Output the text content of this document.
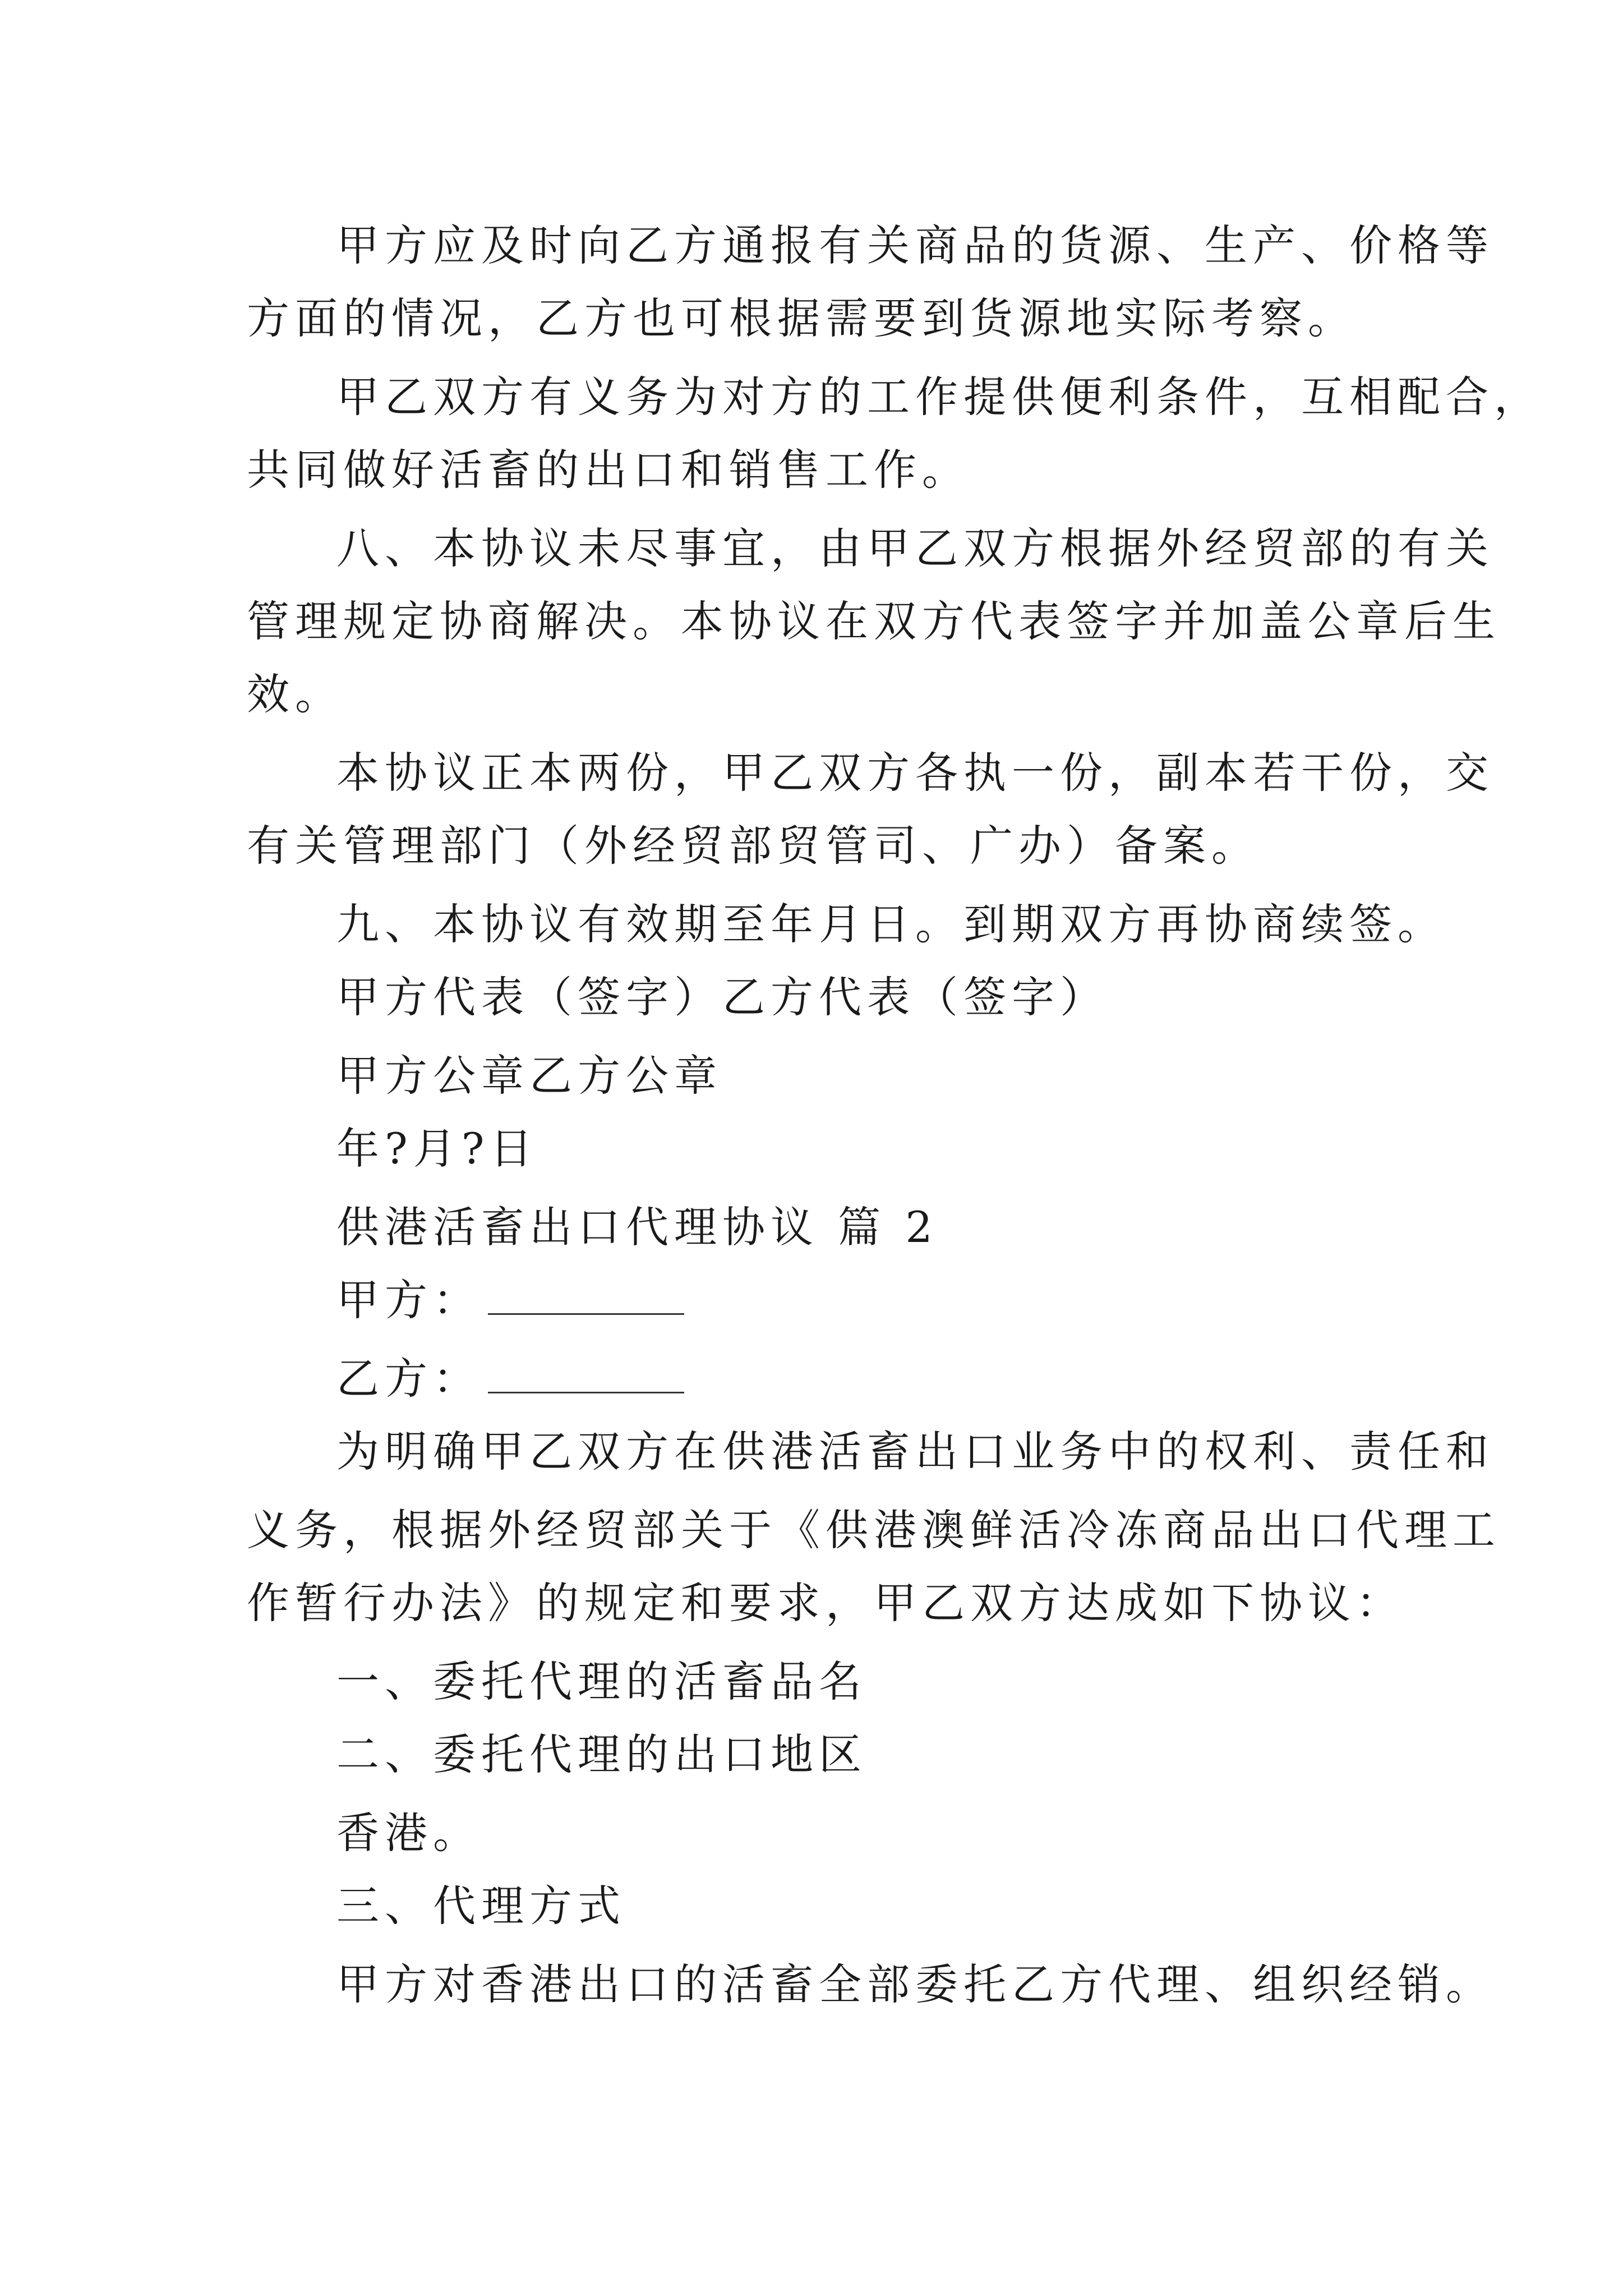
甲方应及时向乙方通报有关商品的货源、生产、价格等
方面的情况，乙方也可根据需要到货源地实际考察。
甲乙双方有义务为对方的工作提供便利条件，互相配合，
共同做好活畜的出口和销售工作。
八、本协议未尽事宜，由甲乙双方根据外经贸部的有关
管理规定协商解决。本协议在双方代表签字并加盖公章后生
效。
本协议正本两份，甲乙双方各执一份，副本若干份，交
有关管理部门（外经贸部贸管司、广办）备案。
九、本协议有效期至年月日。到期双方再协商续签。
甲方代表（签字）乙方代表（签字）
甲方公章乙方公章
年?月?日
供港活畜出口代理协议 篇 2
甲方：
乙方：
为明确甲乙双方在供港活畜出口业务中的权利、责任和
义务，根据外经贸部关于《供港澳鲜活冷冻商品出口代理工
作暂行办法》的规定和要求，甲乙双方达成如下协议：
一、委托代理的活畜品名
二、委托代理的出口地区
香港。
三、代理方式
甲方对香港出口的活畜全部委托乙方代理、组织经销。
